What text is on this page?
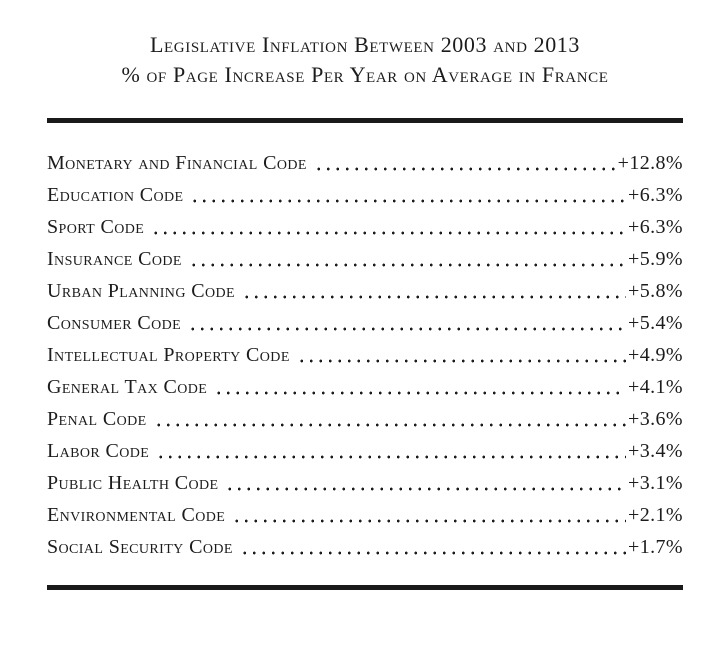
Legislative Inflation Between 2003 and 2013
% of Page Increase Per Year on Average in France
Monetary and Financial Code	+12.8%
Education Code	+6.3%
Sport Code	+6.3%
Insurance Code	+5.9%
Urban Planning Code	+5.8%
Consumer Code	+5.4%
Intellectual Property Code	+4.9%
General Tax Code	+4.1%
Penal Code	+3.6%
Labor Code	+3.4%
Public Health Code	+3.1%
Environmental Code	+2.1%
Social Security Code	+1.7%
